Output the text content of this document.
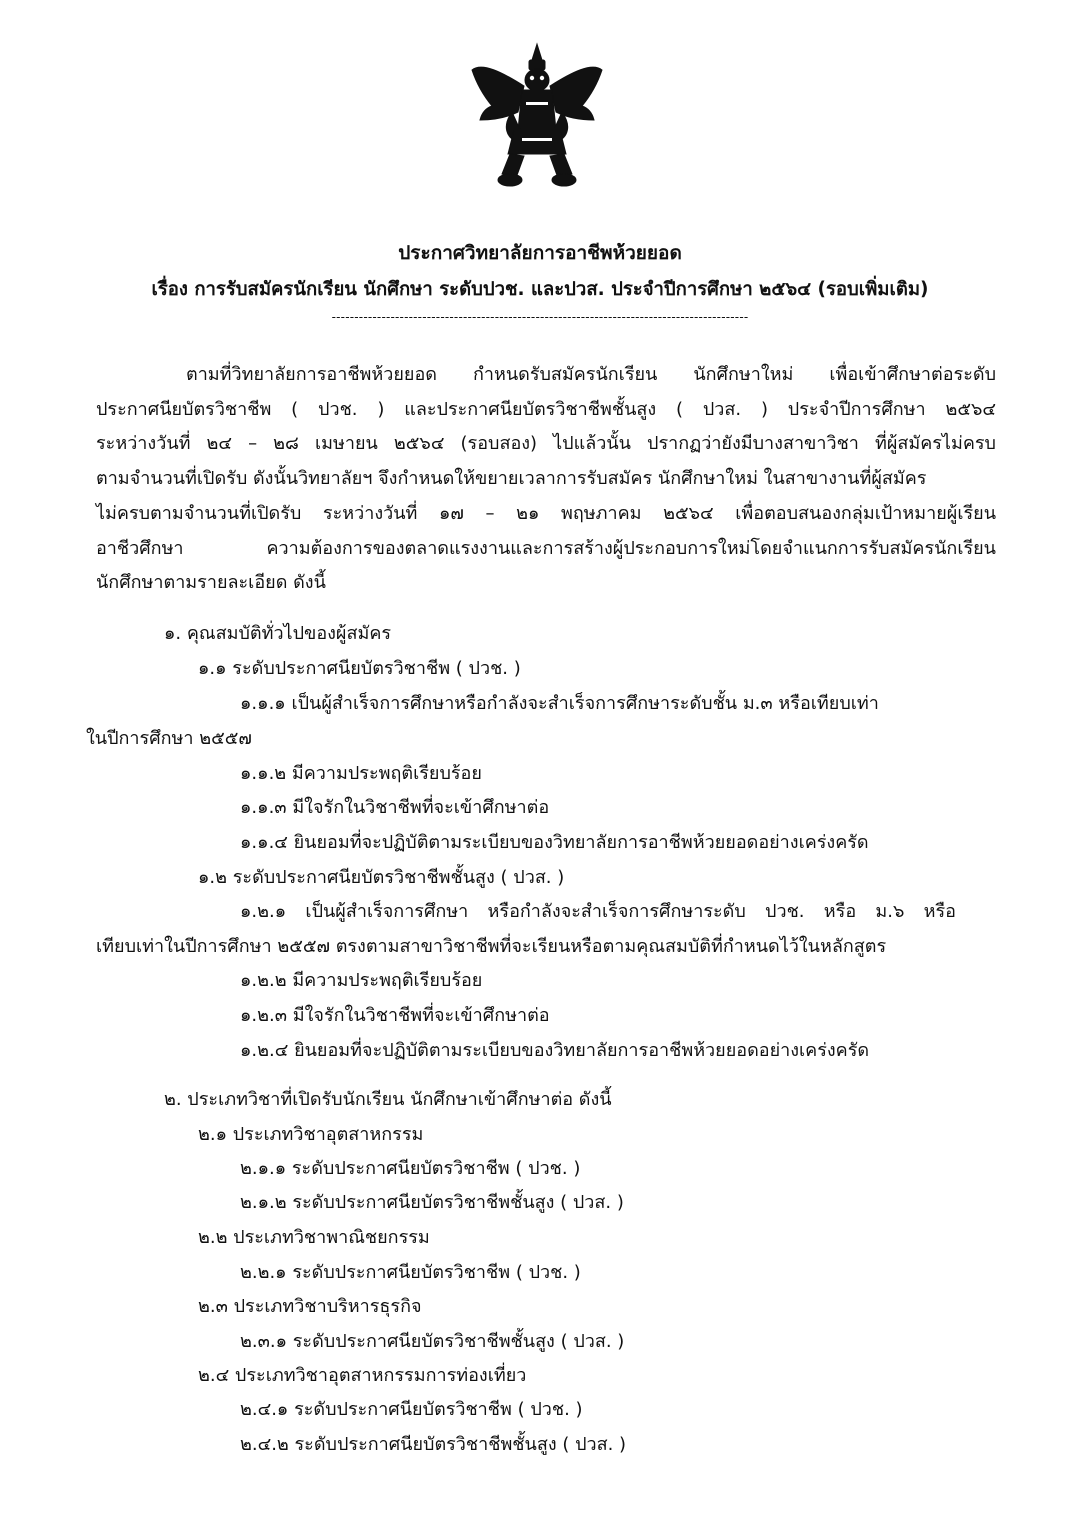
ประกาศวิทยาลัยการอาชีพห้วยยอด
เรื่อง การรับสมัครนักเรียน นักศึกษา ระดับปวช. และปวส. ประจำปีการศึกษา ๒๕๖๔ (รอบเพิ่มเติม)
--------------------------------------------------------------------------------------------
ตามที่วิทยาลัยการอาชีพห้วยยอด กำหนดรับสมัครนักเรียน นักศึกษาใหม่ เพื่อเข้าศึกษาต่อระดับ
ประกาศนียบัตรวิชาชีพ ( ปวช. ) และประกาศนียบัตรวิชาชีพชั้นสูง ( ปวส. ) ประจำปีการศึกษา ๒๕๖๔
ระหว่างวันที่ ๒๔ – ๒๘ เมษายน ๒๕๖๔ (รอบสอง) ไปแล้วนั้น ปรากฏว่ายังมีบางสาขาวิชา ที่ผู้สมัครไม่ครบ
ตามจำนวนที่เปิดรับ ดังนั้นวิทยาลัยฯ จึงกำหนดให้ขยายเวลาการรับสมัคร นักศึกษาใหม่ ในสาขางานที่ผู้สมัคร
ไม่ครบตามจำนวนที่เปิดรับ ระหว่างวันที่ ๑๗ – ๒๑ พฤษภาคม ๒๕๖๔ เพื่อตอบสนองกลุ่มเป้าหมายผู้เรียน
อาชีวศึกษา ความต้องการของตลาดแรงงานและการสร้างผู้ประกอบการใหม่โดยจำแนกการรับสมัครนักเรียน
นักศึกษาตามรายละเอียด ดังนี้
๑. คุณสมบัติทั่วไปของผู้สมัคร
๑.๑ ระดับประกาศนียบัตรวิชาชีพ ( ปวช. )
๑.๑.๑ เป็นผู้สำเร็จการศึกษาหรือกำลังจะสำเร็จการศึกษาระดับชั้น ม.๓ หรือเทียบเท่า
ในปีการศึกษา ๒๕๕๗
๑.๑.๒ มีความประพฤติเรียบร้อย
๑.๑.๓ มีใจรักในวิชาชีพที่จะเข้าศึกษาต่อ
๑.๑.๔ ยินยอมที่จะปฏิบัติตามระเบียบของวิทยาลัยการอาชีพห้วยยอดอย่างเคร่งครัด
๑.๒ ระดับประกาศนียบัตรวิชาชีพชั้นสูง ( ปวส. )
๑.๒.๑ เป็นผู้สำเร็จการศึกษา หรือกำลังจะสำเร็จการศึกษาระดับ ปวช. หรือ ม.๖ หรือ
เทียบเท่าในปีการศึกษา ๒๕๕๗ ตรงตามสาขาวิชาชีพที่จะเรียนหรือตามคุณสมบัติที่กำหนดไว้ในหลักสูตร
๑.๒.๒ มีความประพฤติเรียบร้อย
๑.๒.๓ มีใจรักในวิชาชีพที่จะเข้าศึกษาต่อ
๑.๒.๔ ยินยอมที่จะปฏิบัติตามระเบียบของวิทยาลัยการอาชีพห้วยยอดอย่างเคร่งครัด
๒. ประเภทวิชาที่เปิดรับนักเรียน นักศึกษาเข้าศึกษาต่อ ดังนี้
๒.๑ ประเภทวิชาอุตสาหกรรม
๒.๑.๑ ระดับประกาศนียบัตรวิชาชีพ ( ปวช. )
๒.๑.๒ ระดับประกาศนียบัตรวิชาชีพชั้นสูง ( ปวส. )
๒.๒ ประเภทวิชาพาณิชยกรรม
๒.๒.๑ ระดับประกาศนียบัตรวิชาชีพ ( ปวช. )
๒.๓ ประเภทวิชาบริหารธุรกิจ
๒.๓.๑ ระดับประกาศนียบัตรวิชาชีพชั้นสูง ( ปวส. )
๒.๔ ประเภทวิชาอุตสาหกรรมการท่องเที่ยว
๒.๔.๑ ระดับประกาศนียบัตรวิชาชีพ ( ปวช. )
๒.๔.๒ ระดับประกาศนียบัตรวิชาชีพชั้นสูง ( ปวส. )
